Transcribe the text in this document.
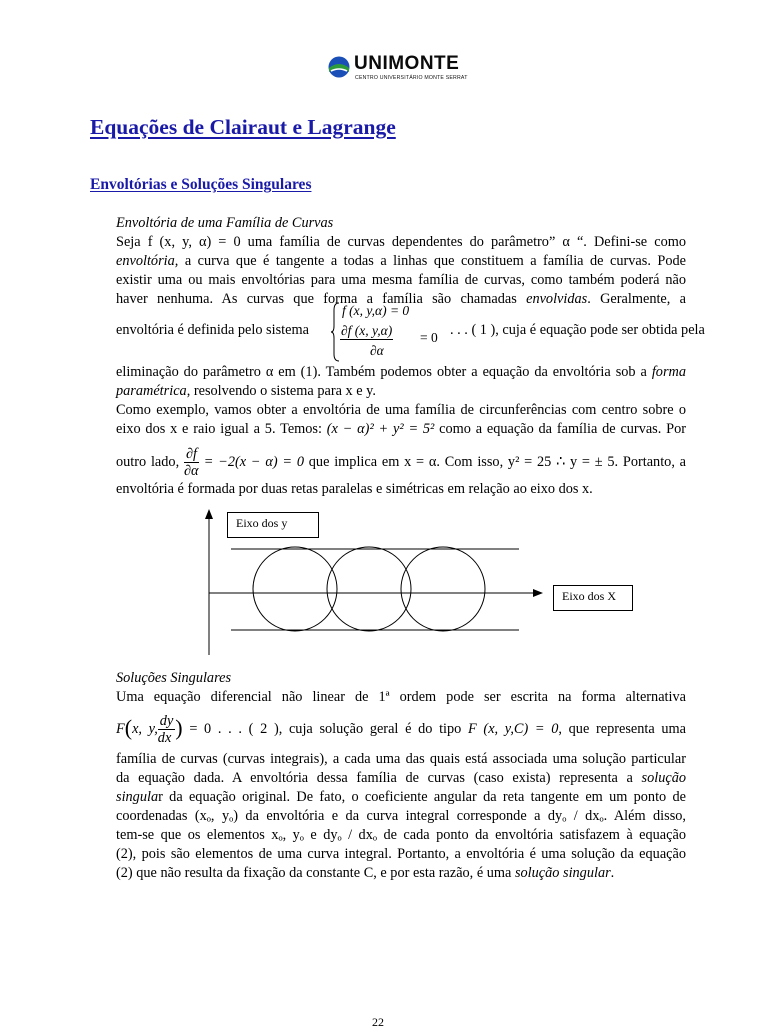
UNIMONTE
CENTRO UNIVERSITÁRIO MONTE SERRAT
Equações de Clairaut e Lagrange
Envoltórias e Soluções Singulares
Envoltória de uma Família de Curvas
Seja f (x, y, α) = 0 uma família de curvas dependentes do parâmetro” α “. Defini-se como
envoltória, a curva que é tangente a todas a linhas que constituem a família de curvas. Pode
existir uma ou mais envoltórias para uma mesma família de curvas, como também poderá não
haver nenhuma. As curvas que forma a família são chamadas envolvidas. Geralmente, a
envoltória é definida pelo sistema
f (x, y,α) = 0
∂f (x, y,α) = 0
∂α
. . . ( 1 ), cuja é equação pode ser obtida pela
eliminação do parâmetro α em (1). Também podemos obter a equação da envoltória sob a forma
paramétrica, resolvendo o sistema para x e y.
Como exemplo, vamos obter a envoltória de uma família de circunferências com centro sobre o
eixo dos x e raio igual a 5. Temos: (x − α)² + y² = 5² como a equação da família de curvas. Por
outro lado, $\frac{\partial f}{\partial\alpha} = -2(x - \alpha) = 0$ que implica em x = α. Com isso, y² = 25 ∴ y = ± 5. Portanto, a
envoltória é formada por duas retas paralelas e simétricas em relação ao eixo dos x.
Eixo dos y
Eixo dos X
Soluções Singulares
Uma equação diferencial não linear de 1ª ordem pode ser escrita na forma alternativa
F(x, y, $\frac{dy}{dx}$ ) = 0 . . . ( 2 ), cuja solução geral é do tipo F (x, y,C) = 0, que representa uma
família de curvas (curvas integrais), a cada uma das quais está associada uma solução particular
da equação dada. A envoltória dessa família de curvas (caso exista) representa a solução
singular da equação original. De fato, o coeficiente angular da reta tangente em um ponto de
coordenadas (xₒ, yₒ) da envoltória e da curva integral corresponde a dyₒ / dxₒ. Além disso,
tem-se que os elementos xₒ, yₒ e dyₒ / dxₒ de cada ponto da envoltória satisfazem à equação
(2), pois são elementos de uma curva integral. Portanto, a envoltória é uma solução da equação
(2) que não resulta da fixação da constante C, e por esta razão, é uma solução singular.
22
